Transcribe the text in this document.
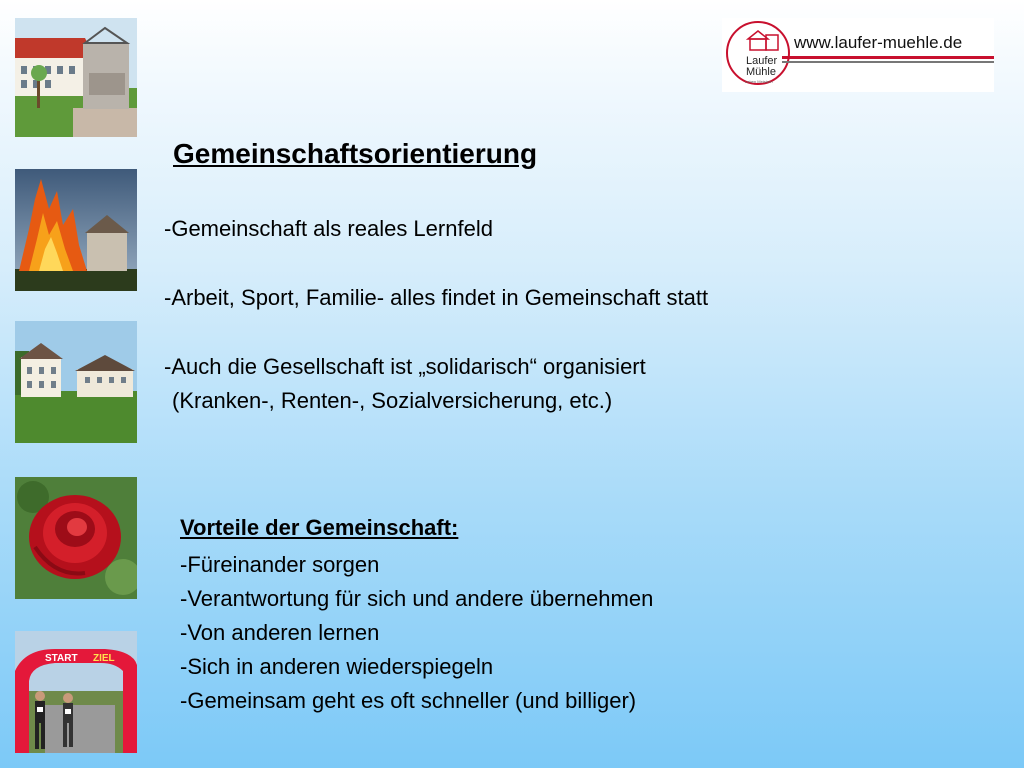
START ZIEL
Laufer
Mühle
Leben Meistern
www.laufer-muehle.de
Gemeinschaftsorientierung
-Gemeinschaft als reales Lernfeld
-Arbeit, Sport, Familie- alles findet in Gemeinschaft statt
-Auch die Gesellschaft ist „solidarisch“ organisiert
(Kranken-, Renten-, Sozialversicherung, etc.)
Vorteile der Gemeinschaft:
-Füreinander sorgen
-Verantwortung für sich und andere übernehmen
-Von anderen lernen
-Sich in anderen wiederspiegeln
-Gemeinsam geht es oft schneller (und billiger)
